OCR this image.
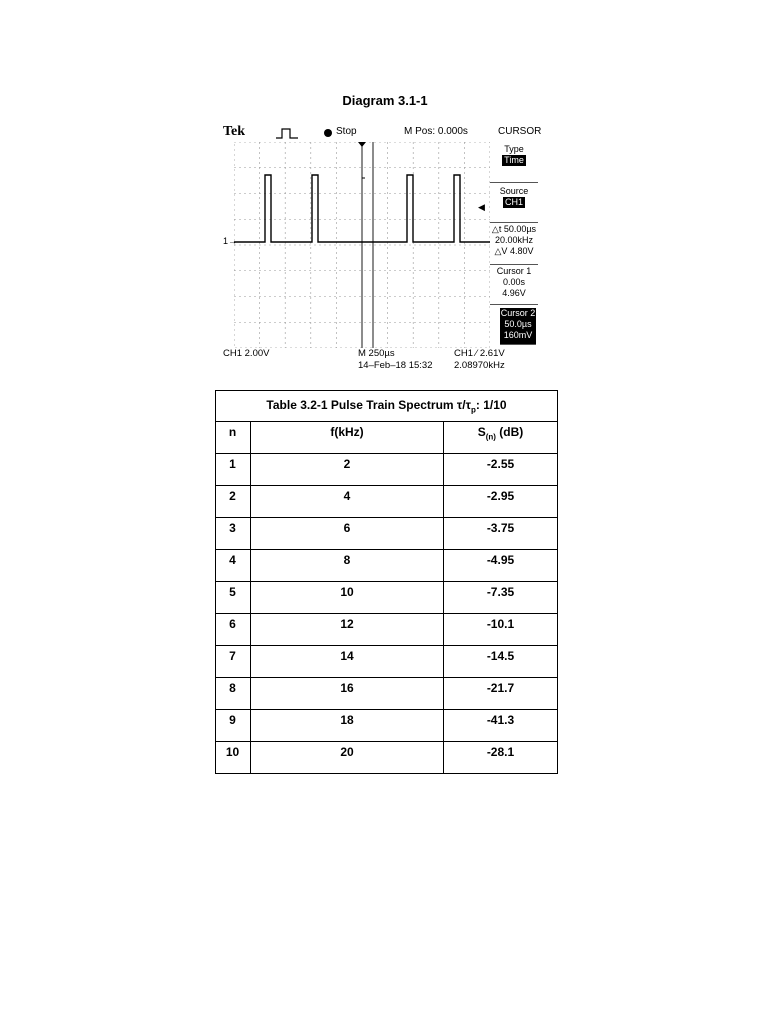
Diagram 3.1-1
Tek	Stop	M Pos: 0.000s	CURSOR
1→
◀
Type
Time
Source
CH1
△t 50.00µs
20.00kHz
△V 4.80V
Cursor 1
0.00s
4.96V
Cursor 2
50.0µs
160mV
CH1 2.00V	M 250µs
14–Feb–18 15:32
CH1 ∕ 2.61V
2.08970kHz
Table 3.2-1 Pulse Train Spectrum $\tau/\tau_p$: 1/10		
n	f(kHz)	$S_{(n)}$ (dB)
1	2	-2.55
2	4	-2.95
3	6	-3.75
4	8	-4.95
5	10	-7.35
6	12	-10.1
7	14	-14.5
8	16	-21.7
9	18	-41.3
10	20	-28.1
